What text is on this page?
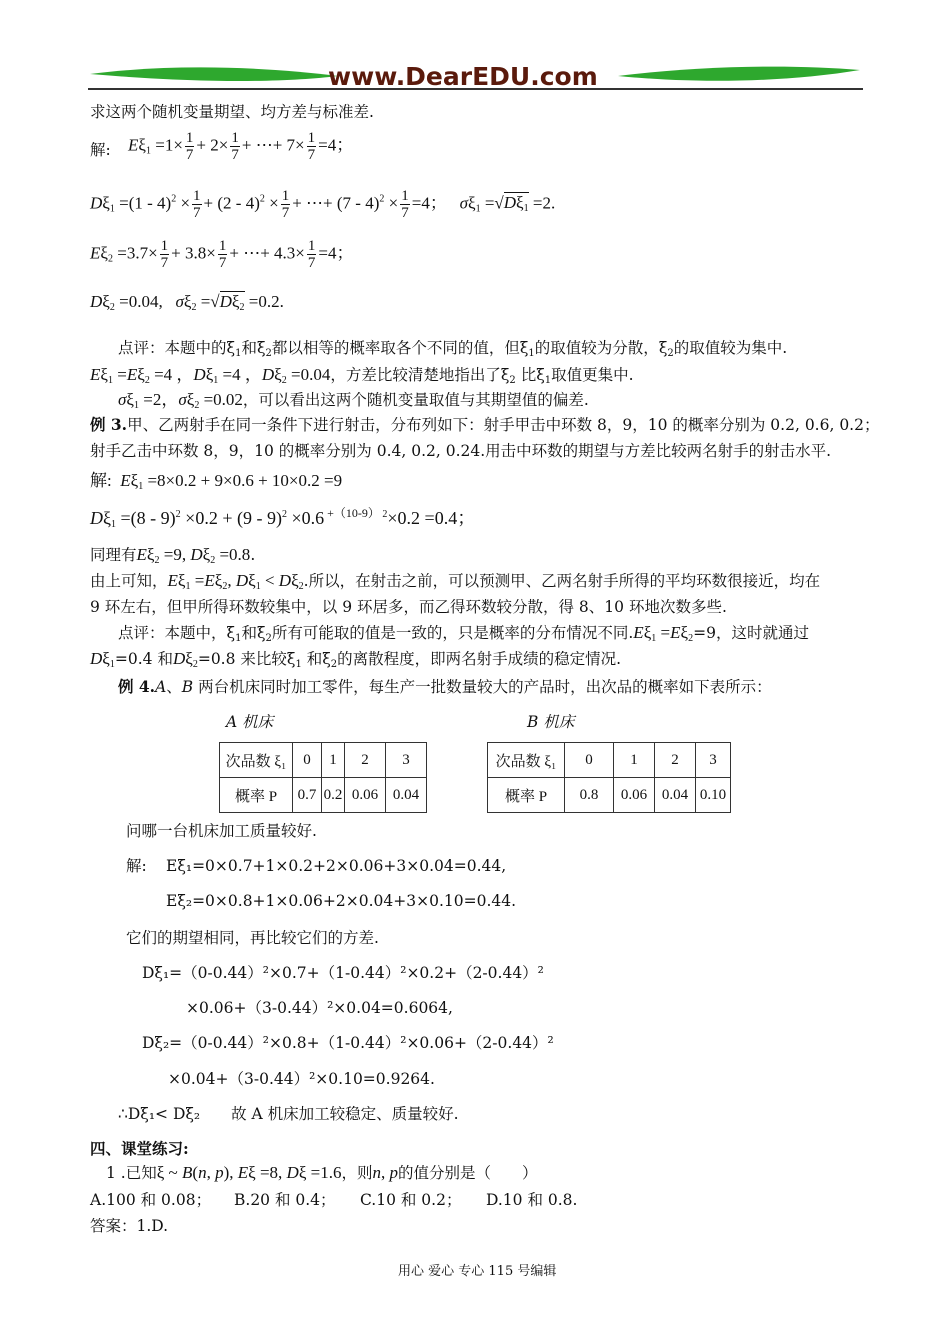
www.DearEDU.com
求这两个随机变量期望、均方差与标准差.
解: $E\xi_1 =1\times \frac{1}{7} + 2\times \frac{1}{7}$ + ⋯+ $7\times \frac{1}{7} =4$；
$D\xi_1 =(1 - 4)^2 \times \frac{1}{7} + (2 - 4)^2 \times \frac{1}{7}$ + ⋯+ $(7 - 4)^2 \times \frac{1}{7} =4$；   $\sigma\xi_1 =√D\xi_1 =2$.
$E\xi_2 =3.7\times \frac{1}{7} + 3.8\times \frac{1}{7}$ + ⋯+ $4.3\times \frac{1}{7} =4$；
$D\xi_2 =0.04$,   $\sigma\xi_2 =√D\xi_2 =0.2$.
点评：本题中的$\xi_1$和$\xi_2$都以相等的概率取各个不同的值，但$\xi_1$的取值较为分散，$\xi_2$的取值较为集中.
$E\xi_1 =E\xi_2 =4$ ，$D\xi_1 =4$ ，$D\xi_2 =0.04$，方差比较清楚地指出了$\xi_2$ 比$\xi_1$取值更集中.
$\sigma\xi_1 =2$，$\sigma\xi_2 =0.02$，可以看出这两个随机变量取值与其期望值的偏差.
例 3.甲、乙两射手在同一条件下进行射击，分布列如下：射手甲击中环数 8，9，10 的概率分别为 0.2, 0.6, 0.2；
射手乙击中环数 8，9，10 的概率分别为 0.4, 0.2, 0.24.用击中环数的期望与方差比较两名射手的射击水平.
解:  $E\xi_1 =8\times 0.2 + 9\times 0.6 + 10\times 0.2 =9$
$D\xi_1 =(8 - 9)^2 \times 0.2 + (9 - 9)^2 \times 0.6$ $^{+(10-9)}$ $^2$×0.2 =0.4；
同理有$E\xi_2 =9$, $D\xi_2 =0.8$.
由上可知，$E\xi_1 =E\xi_2$, $D\xi_1 < D\xi_2$.所以，在射击之前，可以预测甲、乙两名射手所得的平均环数很接近，均在
9 环左右，但甲所得环数较集中，以 9 环居多，而乙得环数较分散，得 8、10 环地次数多些.
点评：本题中，$\xi_1$和$\xi_2$所有可能取的值是一致的，只是概率的分布情况不同$.E\xi_1 =E\xi_2=9$，这时就通过
$D\xi_1=0.4$ 和$D\xi_2=0.8$ 来比较$\xi_1$ 和$\xi_2$的离散程度，即两名射手成绩的稳定情况.
例 4.A、B 两台机床同时加工零件，每生产一批数量较大的产品时，出次品的概率如下表所示：
A 机床	B 机床
次品数 ξ₁	0	1	2	3
概率 P	0.7	0.2	0.06	0.04
次品数 ξ₁	0	1	2	3
概率 P	0.8	0.06	0.04	0.10
问哪一台机床加工质量较好.
解: Eξ₁=0×0.7+1×0.2+2×0.06+3×0.04=0.44,
Eξ₂=0×0.8+1×0.06+2×0.04+3×0.10=0.44.
它们的期望相同，再比较它们的方差.
Dξ₁=（0-0.44）²×0.7+（1-0.44）²×0.2+（2-0.44）²
×0.06+（3-0.44）²×0.04=0.6064,
Dξ₂=（0-0.44）²×0.8+（1-0.44）²×0.06+（2-0.44）²
×0.04+（3-0.44）²×0.10=0.9264.
∴Dξ₁< Dξ₂　　故 A 机床加工较稳定、质量较好.
四、课堂练习:
1 .已知ξ ~ B(n, p), Eξ =8, Dξ =1.6，则n, p的值分别是（　　）
A.100 和 0.08； B.20 和 0.4； C.10 和 0.2； D.10 和 0.8.
答案：1.D.
用心 爱心 专心 115 号编辑
